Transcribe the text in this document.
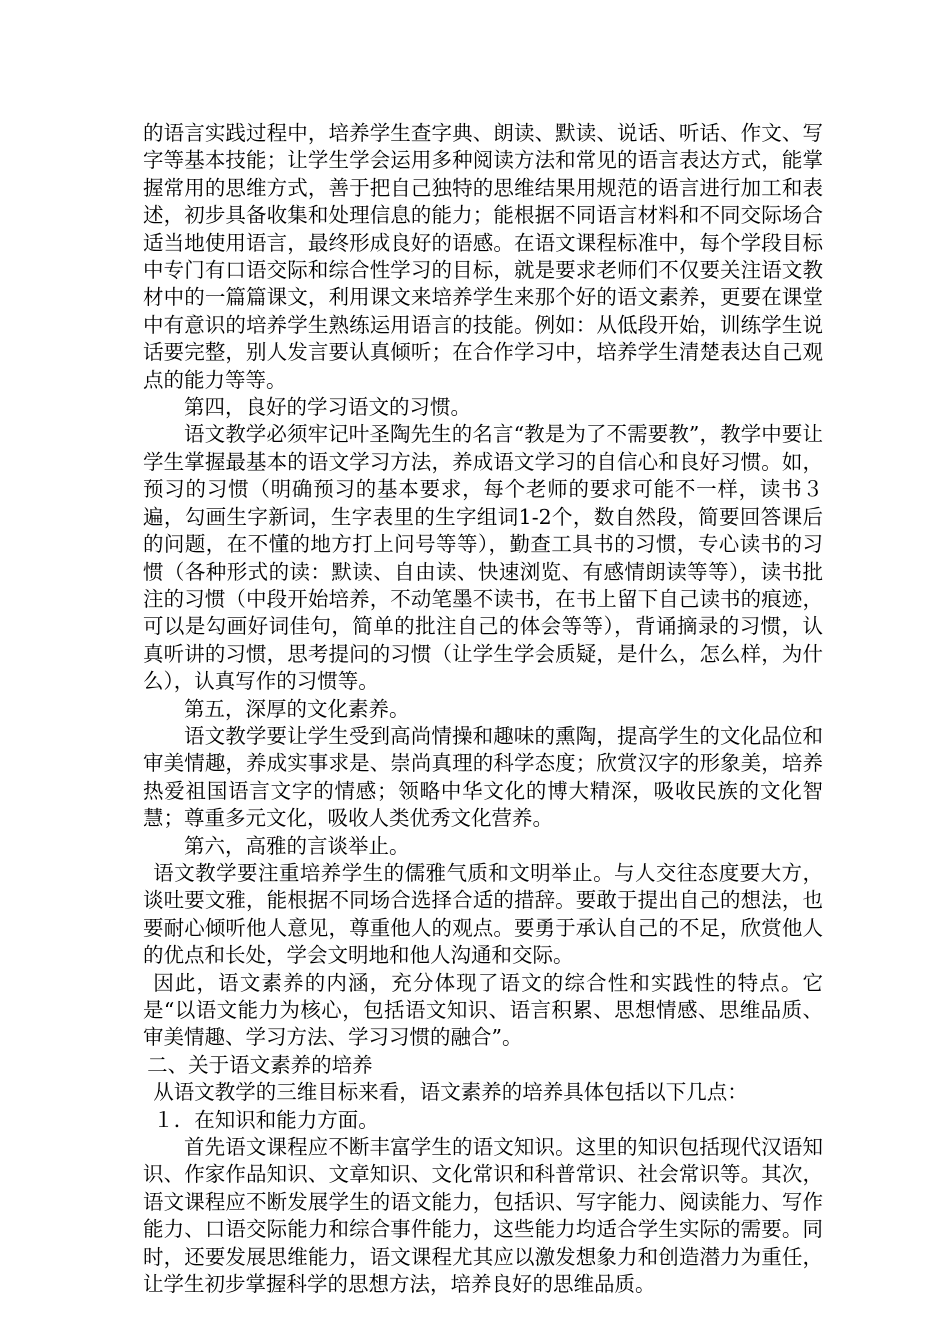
的语言实践过程中，培养学生查字典、朗读、默读、说话、听话、作文、写字等基本技能；让学生学会运用多种阅读方法和常见的语言表达方式，能掌握常用的思维方式，善于把自己独特的思维结果用规范的语言进行加工和表述，初步具备收集和处理信息的能力；能根据不同语言材料和不同交际场合适当地使用语言，最终形成良好的语感。在语文课程标准中，每个学段目标中专门有口语交际和综合性学习的目标，就是要求老师们不仅要关注语文教材中的一篇篇课文，利用课文来培养学生来那个好的语文素养，更要在课堂中有意识的培养学生熟练运用语言的技能。例如：从低段开始，训练学生说话要完整，别人发言要认真倾听；在合作学习中，培养学生清楚表达自己观点的能力等等。

第四，良好的学习语文的习惯。

语文教学必须牢记叶圣陶先生的名言“教是为了不需要教”，教学中要让学生掌握最基本的语文学习方法，养成语文学习的自信心和良好习惯。如，预习的习惯（明确预习的基本要求，每个老师的要求可能不一样，读书３遍，勾画生字新词，生字表里的生字组词1-2个，数自然段，简要回答课后的问题，在不懂的地方打上问号等等），勤查工具书的习惯，专心读书的习惯（各种形式的读：默读、自由读、快速浏览、有感情朗读等等），读书批注的习惯（中段开始培养，不动笔墨不读书，在书上留下自己读书的痕迹，可以是勾画好词佳句，简单的批注自己的体会等等），背诵摘录的习惯，认真听讲的习惯，思考提问的习惯（让学生学会质疑，是什么，怎么样，为什么），认真写作的习惯等。

第五，深厚的文化素养。

语文教学要让学生受到高尚情操和趣味的熏陶，提高学生的文化品位和审美情趣，养成实事求是、崇尚真理的科学态度；欣赏汉字的形象美，培养热爱祖国语言文字的情感；领略中华文化的博大精深，吸收民族的文化智慧；尊重多元文化，吸收人类优秀文化营养。

第六，高雅的言谈举止。

语文教学要注重培养学生的儒雅气质和文明举止。与人交往态度要大方，谈吐要文雅，能根据不同场合选择合适的措辞。要敢于提出自己的想法，也要耐心倾听他人意见，尊重他人的观点。要勇于承认自己的不足，欣赏他人的优点和长处，学会文明地和他人沟通和交际。

因此，语文素养的内涵，充分体现了语文的综合性和实践性的特点。它是“以语文能力为核心，包括语文知识、语言积累、思想情感、思维品质、审美情趣、学习方法、学习习惯的融合”。

二、关于语文素养的培养

从语文教学的三维目标来看，语文素养的培养具体包括以下几点：

１．在知识和能力方面。

首先语文课程应不断丰富学生的语文知识。这里的知识包括现代汉语知识、作家作品知识、文章知识、文化常识和科普常识、社会常识等。其次，语文课程应不断发展学生的语文能力，包括识、写字能力、阅读能力、写作能力、口语交际能力和综合事件能力，这些能力均适合学生实际的需要。同时，还要发展思维能力，语文课程尤其应以激发想象力和创造潜力为重任，让学生初步掌握科学的思想方法，培养良好的思维品质。
